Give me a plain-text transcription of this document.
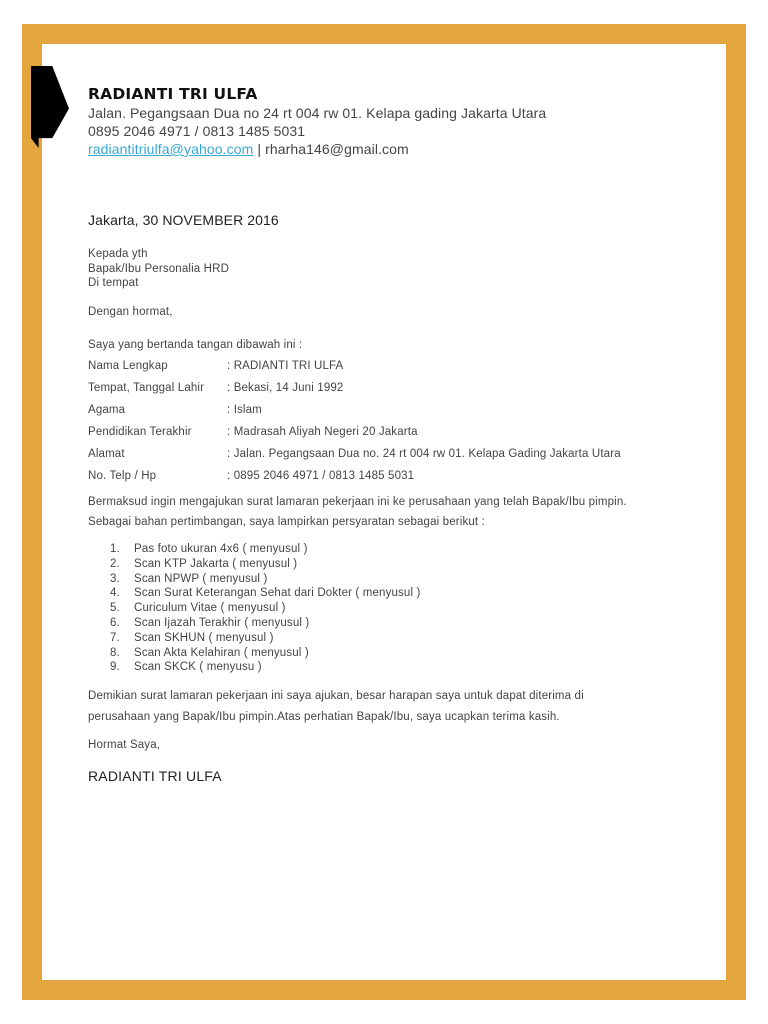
RADIANTI TRI ULFA

Jalan. Pegangsaan Dua no 24 rt 004 rw 01. Kelapa gading Jakarta Utara
0895 2046 4971 / 0813 1485 5031
radiantitriulfa@yahoo.com | rharha146@gmail.com
Jakarta, 30 NOVEMBER 2016
Kepada yth
Bapak/Ibu Personalia HRD
Di tempat
Dengan hormat,
Saya yang bertanda tangan dibawah ini :
Nama Lengkap	: RADIANTI TRI ULFA
Tempat, Tanggal Lahir	: Bekasi, 14 Juni 1992
Agama	: Islam
Pendidikan Terakhir	: Madrasah Aliyah Negeri 20 Jakarta
Alamat	: Jalan. Pegangsaan Dua no. 24 rt 004 rw 01. Kelapa Gading Jakarta Utara
No. Telp / Hp	: 0895 2046 4971 / 0813 1485 5031
Bermaksud ingin mengajukan surat lamaran pekerjaan ini ke perusahaan yang telah Bapak/Ibu pimpin.
Sebagai bahan pertimbangan, saya lampirkan persyaratan sebagai berikut :
1. Pas foto ukuran 4x6 ( menyusul )
2. Scan KTP Jakarta ( menyusul )
3. Scan NPWP ( menyusul )
4. Scan Surat Keterangan Sehat dari Dokter ( menyusul )
5. Curiculum Vitae ( menyusul )
6. Scan Ijazah Terakhir ( menyusul )
7. Scan SKHUN ( menyusul )
8. Scan Akta Kelahiran ( menyusul )
9. Scan SKCK ( menyusu )
Demikian surat lamaran pekerjaan ini saya ajukan, besar harapan saya untuk dapat diterima di
perusahaan yang Bapak/Ibu pimpin.Atas perhatian Bapak/Ibu, saya ucapkan terima kasih.
Hormat Saya,
RADIANTI TRI ULFA
